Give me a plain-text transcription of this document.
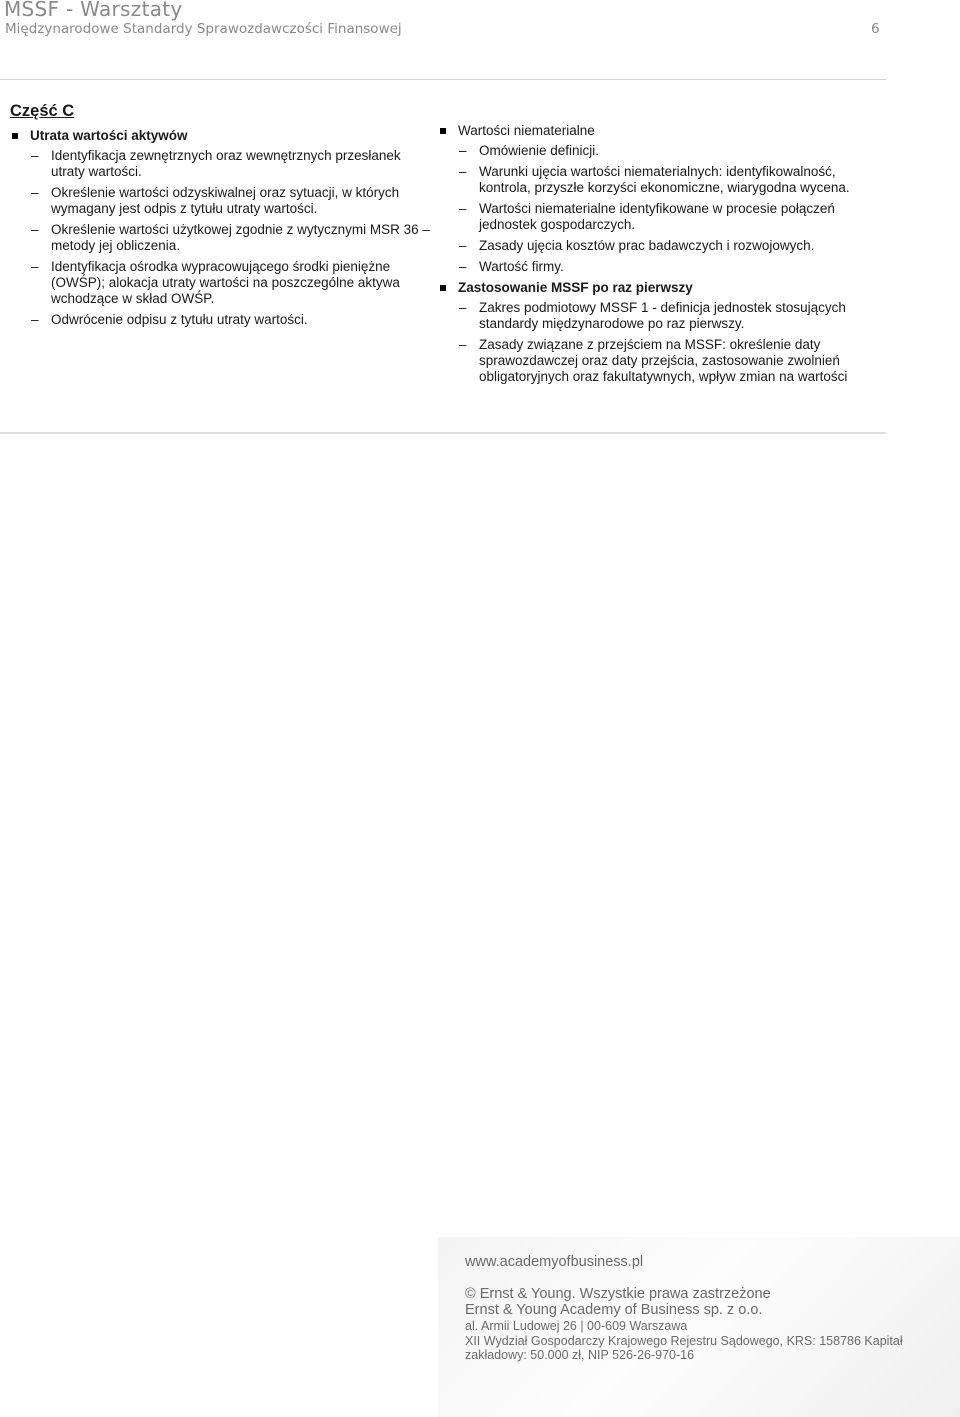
MSSF - Warsztaty
Międzynarodowe Standardy Sprawozdawczości Finansowej	6
Część C
Utrata wartości aktywów
– Identyfikacja zewnętrznych oraz wewnętrznych przesłanek utraty wartości.
– Określenie wartości odzyskiwalnej oraz sytuacji, w których wymagany jest odpis z tytułu utraty wartości.
– Określenie wartości użytkowej zgodnie z wytycznymi MSR 36 – metody jej obliczenia.
– Identyfikacja ośrodka wypracowującego środki pieniężne (OWŚP); alokacja utraty wartości na poszczególne aktywa wchodzące w skład OWŚP.
– Odwrócenie odpisu z tytułu utraty wartości.
Wartości niematerialne
– Omówienie definicji.
– Warunki ujęcia wartości niematerialnych: identyfikowalność, kontrola, przyszłe korzyści ekonomiczne, wiarygodna wycena.
– Wartości niematerialne identyfikowane w procesie połączeń jednostek gospodarczych.
– Zasady ujęcia kosztów prac badawczych i rozwojowych.
– Wartość firmy.
Zastosowanie MSSF po raz pierwszy
– Zakres podmiotowy MSSF 1 - definicja jednostek stosujących standardy międzynarodowe po raz pierwszy.
– Zasady związane z przejściem na MSSF: określenie daty sprawozdawczej oraz daty przejścia, zastosowanie zwolnień obligatoryjnych oraz fakultatywnych, wpływ zmian na wartości
www.academyofbusiness.pl
© Ernst & Young. Wszystkie prawa zastrzeżone
Ernst & Young Academy of Business sp. z o.o.
al. Armii Ludowej 26 | 00-609 Warszawa
XII Wydział Gospodarczy Krajowego Rejestru Sądowego, KRS: 158786 Kapitał
zakładowy: 50.000 zł, NIP 526-26-970-16
